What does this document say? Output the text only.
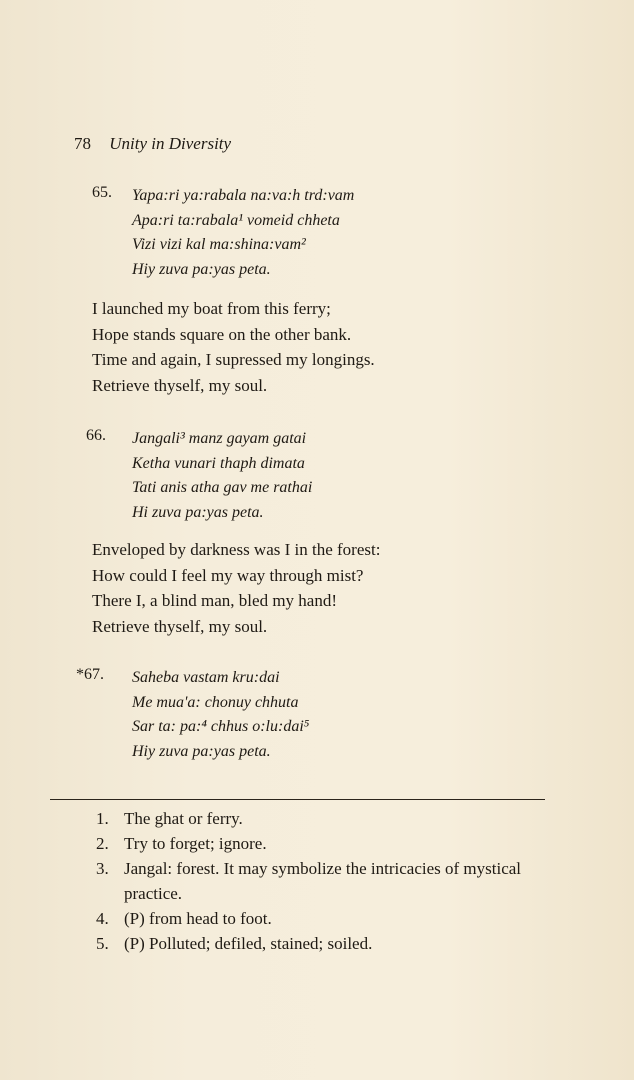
78 Unity in Diversity
65.	Yapa:ri ya:rabala na:va:h trd:vam
Apa:ri ta:rabala¹ vomeid chheta
Vizi vizi kal ma:shina:vam²
Hiy zuva pa:yas peta.
I launched my boat from this ferry;
Hope stands square on the other bank.
Time and again, I supressed my longings.
Retrieve thyself, my soul.
66.	Jangali³ manz gayam gatai
Ketha vunari thaph dimata
Tati anis atha gav me rathai
Hi zuva pa:yas peta.
Enveloped by darkness was I in the forest:
How could I feel my way through mist?
There I, a blind man, bled my hand!
Retrieve thyself, my soul.
*67.	Saheba vastam kru:dai
Me mua'a: chonuy chhuta
Sar ta: pa:⁴ chhus o:lu:dai⁵
Hiy zuva pa:yas peta.
1. The ghat or ferry.
2. Try to forget; ignore.
3. Jangal: forest. It may symbolize the intricacies of mystical practice.
4. (P) from head to foot.
5. (P) Polluted; defiled, stained; soiled.
